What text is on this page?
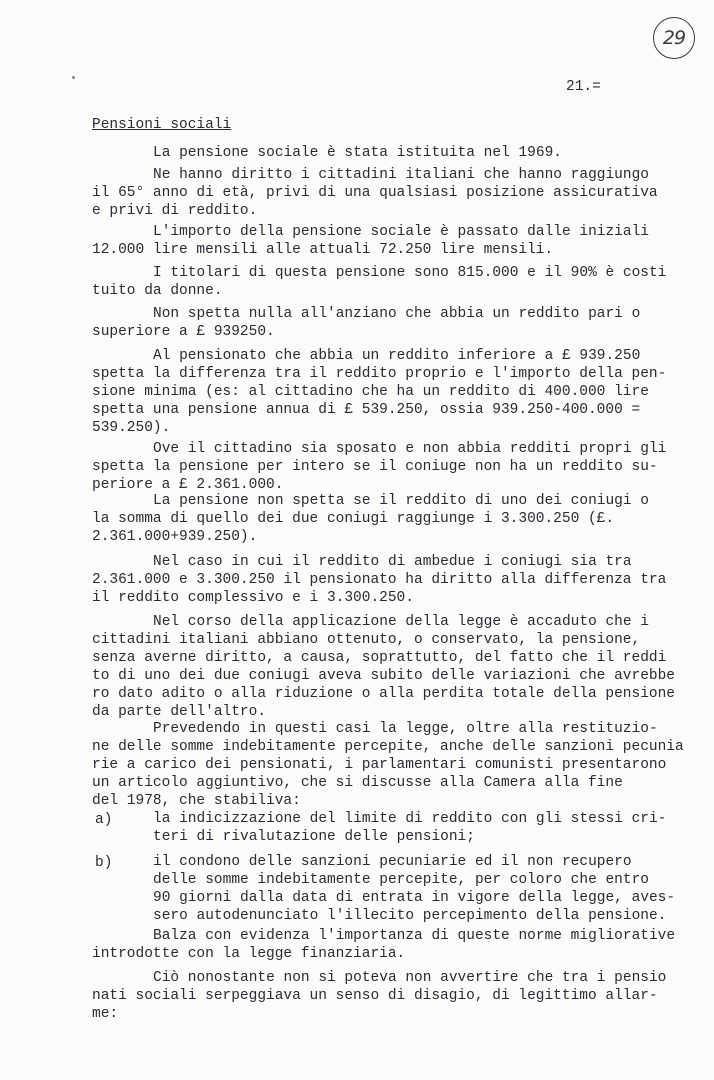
29
21.=
Pensioni sociali
La pensione sociale è stata istituita nel 1969.
Ne hanno diritto i cittadini italiani che hanno raggiungo
il 65° anno di età, privi di una qualsiasi posizione assicurativa
e privi di reddito.
L'importo della pensione sociale è passato dalle iniziali
12.000 lire mensili alle attuali 72.250 lire mensili.
I titolari di questa pensione sono 815.000 e il 90% è costi
tuito da donne.
Non spetta nulla all'anziano che abbia un reddito pari o
superiore a £ 939250.
Al pensionato che abbia un reddito inferiore a £ 939.250
spetta la differenza tra il reddito proprio e l'importo della pen-
sione minima (es: al cittadino che ha un reddito di 400.000 lire
spetta una pensione annua di £ 539.250, ossia 939.250-400.000 =
539.250).
Ove il cittadino sia sposato e non abbia redditi propri gli
spetta la pensione per intero se il coniuge non ha un reddito su-
periore a £ 2.361.000.
La pensione non spetta se il reddito di uno dei coniugi o
la somma di quello dei due coniugi raggiunge i 3.300.250 (£.
2.361.000+939.250).
Nel caso in cui il reddito di ambedue i coniugi sia tra
2.361.000 e 3.300.250 il pensionato ha diritto alla differenza tra
il reddito complessivo e i 3.300.250.
Nel corso della applicazione della legge è accaduto che i
cittadini italiani abbiano ottenuto, o conservato, la pensione,
senza averne diritto, a causa, soprattutto, del fatto che il reddi
to di uno dei due coniugi aveva subito delle variazioni che avrebbe
ro dato adito o alla riduzione o alla perdita totale della pensione
da parte dell'altro.
Prevedendo in questi casi la legge, oltre alla restituzio-
ne delle somme indebitamente percepite, anche delle sanzioni pecunia
rie a carico dei pensionati, i parlamentari comunisti presentarono
un articolo aggiuntivo, che si discusse alla Camera alla fine
del 1978, che stabiliva:
a)	la indicizzazione del limite di reddito con gli stessi cri-
teri di rivalutazione delle pensioni;
b)	il condono delle sanzioni pecuniarie ed il non recupero
delle somme indebitamente percepite, per coloro che entro
90 giorni dalla data di entrata in vigore della legge, aves-
sero autodenunciato l'illecito percepimento della pensione.
Balza con evidenza l'importanza di queste norme migliorative
introdotte con la legge finanziaria.
Ciò nonostante non si poteva non avvertire che tra i pensio
nati sociali serpeggiava un senso di disagio, di legittimo allar-
me:
